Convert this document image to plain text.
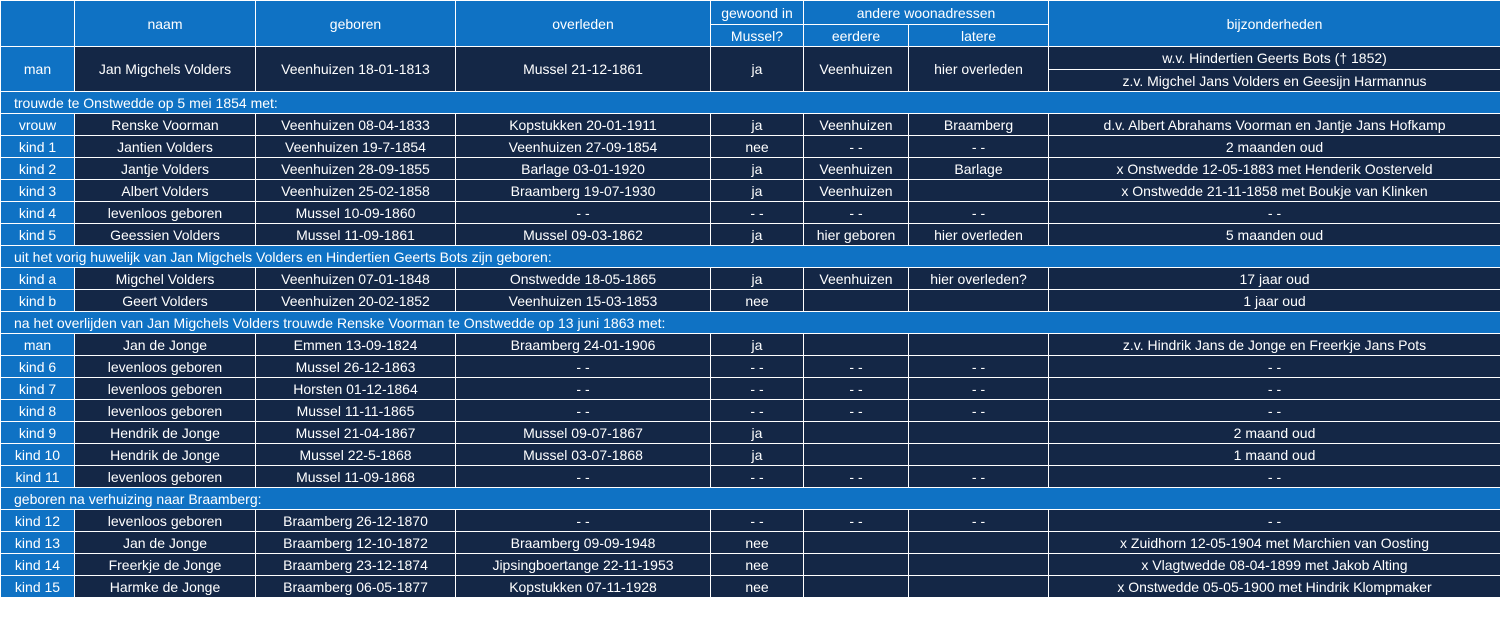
	naam	geboren	overleden	gewoond in	andere woonadressen		bijzonderheden
				Mussel?	eerdere	latere	
man	Jan Migchels Volders	Veenhuizen 18-01-1813	Mussel 21-12-1861	ja	Veenhuizen	hier overleden	w.v. Hindertien Geerts Bots († 1852)
							z.v. Migchel Jans Volders en Geesijn Harmannus
trouwde te Onstwedde op 5 mei 1854 met:							
vrouw	Renske Voorman	Veenhuizen 08-04-1833	Kopstukken 20-01-1911	ja	Veenhuizen	Braamberg	d.v. Albert Abrahams Voorman en Jantje Jans Hofkamp
kind 1	Jantien Volders	Veenhuizen 19-7-1854	Veenhuizen 27-09-1854	nee	- -	- -	2 maanden oud
kind 2	Jantje Volders	Veenhuizen 28-09-1855	Barlage 03-01-1920	ja	Veenhuizen	Barlage	x Onstwedde 12-05-1883 met Henderik Oosterveld
kind 3	Albert Volders	Veenhuizen 25-02-1858	Braamberg 19-07-1930	ja	Veenhuizen		x Onstwedde 21-11-1858 met Boukje van Klinken
kind 4	levenloos geboren	Mussel 10-09-1860	- -	- -	- -	- -	- -
kind 5	Geessien Volders	Mussel 11-09-1861	Mussel 09-03-1862	ja	hier geboren	hier overleden	5 maanden oud
uit het vorig huwelijk van Jan Migchels Volders en Hindertien Geerts Bots zijn geboren:							
kind a	Migchel Volders	Veenhuizen 07-01-1848	Onstwedde 18-05-1865	ja	Veenhuizen	hier overleden?	17 jaar oud
kind b	Geert Volders	Veenhuizen 20-02-1852	Veenhuizen 15-03-1853	nee			1 jaar oud
na het overlijden van Jan Migchels Volders trouwde Renske Voorman te Onstwedde op 13 juni 1863 met:							
man	Jan de Jonge	Emmen 13-09-1824	Braamberg 24-01-1906	ja			z.v. Hindrik Jans de Jonge en Freerkje Jans Pots
kind 6	levenloos geboren	Mussel 26-12-1863	- -	- -	- -	- -	- -
kind 7	levenloos geboren	Horsten 01-12-1864	- -	- -	- -	- -	- -
kind 8	levenloos geboren	Mussel 11-11-1865	- -	- -	- -	- -	- -
kind 9	Hendrik de Jonge	Mussel 21-04-1867	Mussel 09-07-1867	ja			2 maand oud
kind 10	Hendrik de Jonge	Mussel 22-5-1868	Mussel 03-07-1868	ja			1 maand oud
kind 11	levenloos geboren	Mussel 11-09-1868	- -	- -	- -	- -	- -
geboren na verhuizing naar Braamberg:							
kind 12	levenloos geboren	Braamberg 26-12-1870	- -	- -	- -	- -	- -
kind 13	Jan de Jonge	Braamberg 12-10-1872	Braamberg 09-09-1948	nee			x Zuidhorn 12-05-1904 met Marchien van Oosting
kind 14	Freerkje de Jonge	Braamberg 23-12-1874	Jipsingboertange 22-11-1953	nee			x Vlagtwedde 08-04-1899 met Jakob Alting
kind 15	Harmke de Jonge	Braamberg 06-05-1877	Kopstukken 07-11-1928	nee			x Onstwedde 05-05-1900 met Hindrik Klompmaker
